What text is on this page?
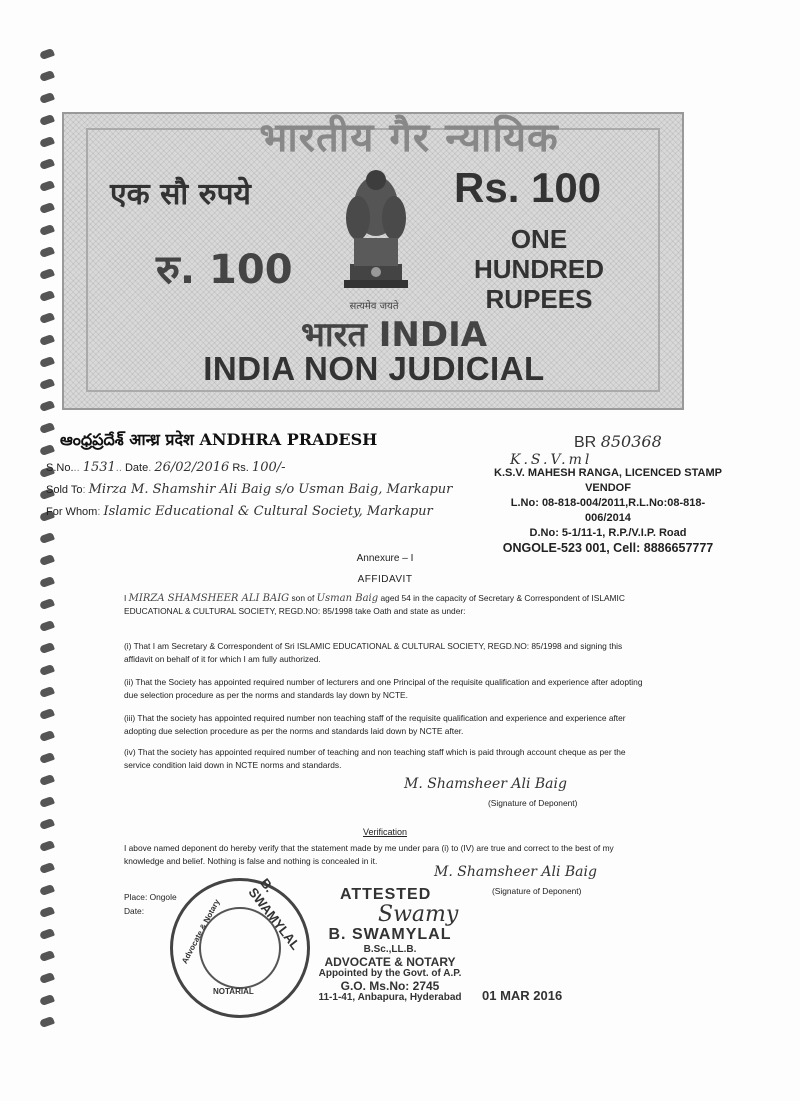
भारतीय गैर न्यायिक
एक सौ रुपये
रु. 100
सत्यमेव जयते
Rs. 100
ONE
HUNDRED RUPEES
भारत INDIA
INDIA NON JUDICIAL
ఆంధ్రప్రదేశ్ आन्ध्र प्रदेश ANDHRA PRADESH	BR 850368
K.S.V.ml
K.S.V. MAHESH RANGA, LICENCED STAMP VENDOF
L.No: 08-818-004/2011,R.L.No:08-818-006/2014
D.No: 5-1/11-1, R.P./V.I.P. Road
ONGOLE-523 001, Cell: 8886657777
S.No... 1531.. Date. 26/02/2016 Rs. 100/-
Sold To: Mirza M. Shamshir Ali Baig s/o Usman Baig, Markapur
For Whom: Islamic Educational & Cultural Society, Markapur
Annexure – I
AFFIDAVIT
I MIRZA SHAMSHEER ALI BAIG son of Usman Baig aged 54 in the capacity of Secretary & Correspondent of ISLAMIC EDUCATIONAL & CULTURAL SOCIETY, REGD.NO: 85/1998 take Oath and state as under:
(i) That I am Secretary & Correspondent of Sri ISLAMIC EDUCATIONAL & CULTURAL SOCIETY, REGD.NO: 85/1998 and signing this affidavit on behalf of it for which I am fully authorized.
(ii) That the Society has appointed required number of lecturers and one Principal of the requisite qualification and experience after adopting due selection procedure as per the norms and standards lay down by NCTE.
(iii) That the society has appointed required number non teaching staff of the requisite qualification and experience and experience after adopting due selection procedure as per the norms and standards laid down by NCTE after.
(iv) That the society has appointed required number of teaching and non teaching staff which is paid through account cheque as per the service condition laid down in NCTE norms and standards.
M. Shamsheer Ali Baig
(Signature of Deponent)
Verification
I above named deponent do hereby verify that the statement made by me under para (i) to (IV) are true and correct to the best of my knowledge and belief. Nothing is false and nothing is concealed in it.
M. Shamsheer Ali Baig
(Signature of Deponent)
Place: Ongole
Date:
B. SWAMYLAL
Advocate & Notary
NOTARIAL
ATTESTED
Swamy
B. SWAMYLAL
B.Sc.,LL.B.
ADVOCATE & NOTARY
Appointed by the Govt. of A.P.
G.O. Ms.No: 2745
11-1-41, Anbapura, Hyderabad	01 MAR 2016
